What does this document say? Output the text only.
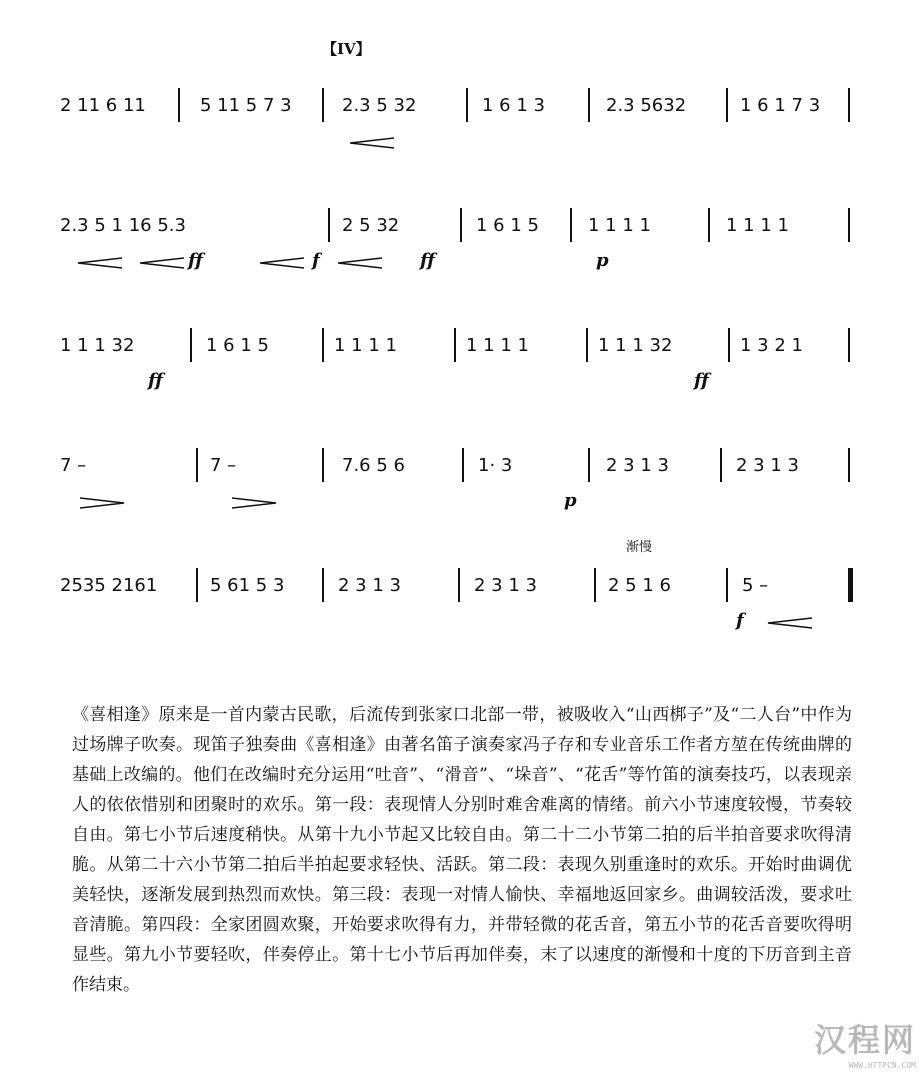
【IV】
2 11 6 11	5 11 5 7 3	2.3 5 32	1 6 1 3	2.3 5632	1 6 1 7 3
2.3 5 1 16 5.3	2 5 32	1 6 1 5	1 1 1 1	1 1 1 1
ff	f	ff	p
1 1 1 32	1 6 1 5	1 1 1 1	1 1 1 1	1 1 1 32	1 3 2 1
ff	ff
7 –	7 –	7.6 5 6	1· 3	2 3 1 3	2 3 1 3
p
渐慢
2535 2161	5 61 5 3	2 3 1 3	2 3 1 3	2 5 1 6	5 –
f
《喜相逢》原来是一首内蒙古民歌，后流传到张家口北部一带，被吸收入“山西梆子”及“二人台”中作为过场牌子吹奏。现笛子独奏曲《喜相逢》由著名笛子演奏家冯子存和专业音乐工作者方堃在传统曲牌的基础上改编的。他们在改编时充分运用“吐音”、“滑音”、“垛音”、“花舌”等竹笛的演奏技巧，以表现亲人的依依惜别和团聚时的欢乐。第一段：表现情人分别时难舍难离的情绪。前六小节速度较慢，节奏较自由。第七小节后速度稍快。从第十九小节起又比较自由。第二十二小节第二拍的后半拍音要求吹得清脆。从第二十六小节第二拍后半拍起要求轻快、活跃。第二段：表现久别重逢时的欢乐。开始时曲调优美轻快，逐渐发展到热烈而欢快。第三段：表现一对情人愉快、幸福地返回家乡。曲调较活泼，要求吐音清脆。第四段：全家团圆欢聚，开始要求吹得有力，并带轻微的花舌音，第五小节的花舌音要吹得明显些。第九小节要轻吹，伴奏停止。第十七小节后再加伴奏，末了以速度的渐慢和十度的下历音到主音作结束。
汉程网
WWW.HTTPCN.COM
